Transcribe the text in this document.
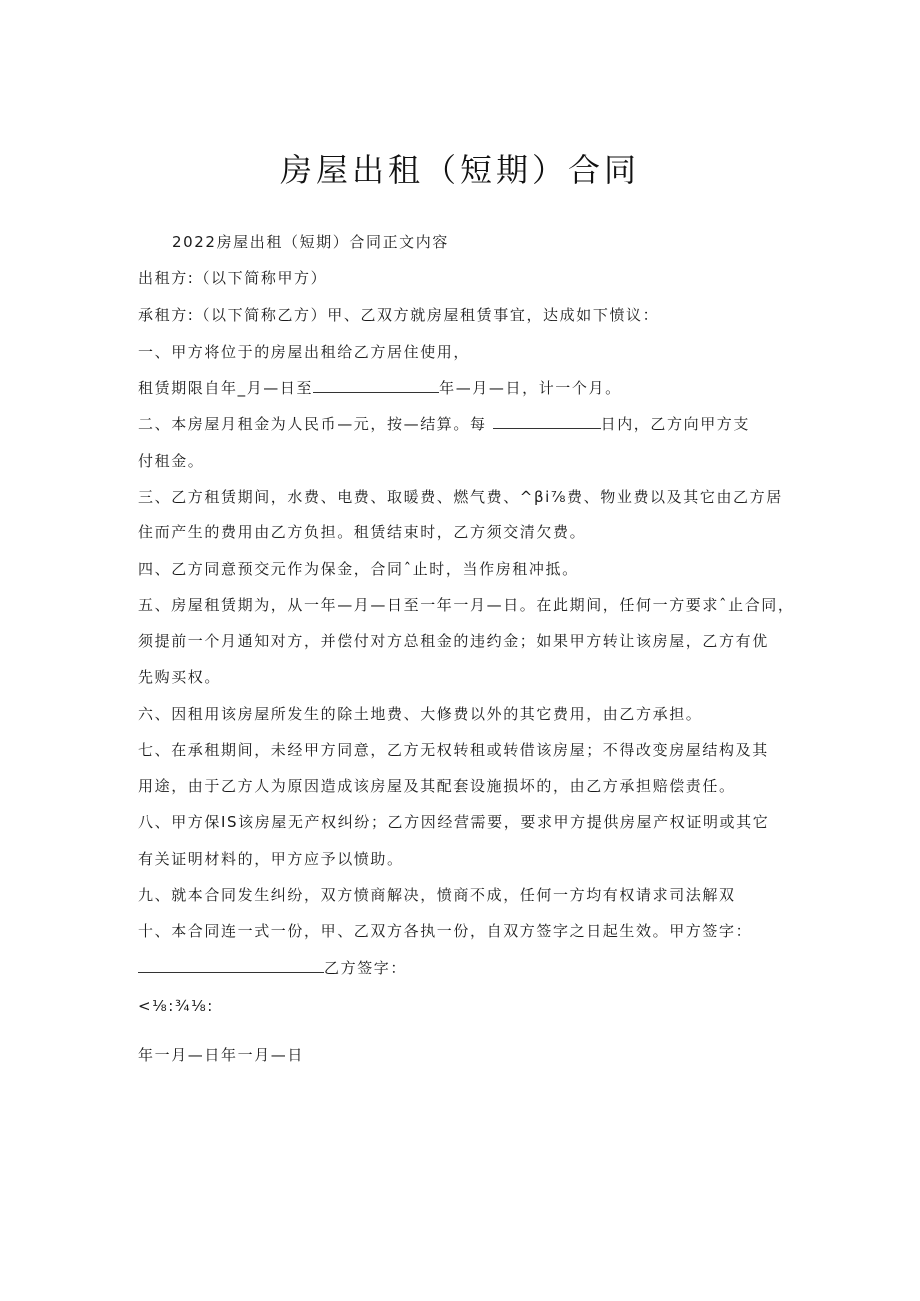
房屋出租（短期）合同
2022房屋出租（短期）合同正文内容
出租方:（以下简称甲方）
承租方:（以下简称乙方）甲、乙双方就房屋租赁事宜，达成如下愤议：
一、甲方将位于的房屋出租给乙方居住使用，
租赁期限自年_月—日至	年—月—日，计一个月。
二、本房屋月租金为人民币—元，按—结算。每	日内，乙方向甲方支
付租金。
三、乙方租赁期间，水费、电费、取暖费、燃气费、^βi⅞费、物业费以及其它由乙方居
住而产生的费用由乙方负担。租赁结束时，乙方须交清欠费。
四、乙方同意预交元作为保金，合同ˆ止时，当作房租冲抵。
五、房屋租赁期为，从一年—月—日至一年一月—日。在此期间，任何一方要求ˆ止合同，
须提前一个月通知对方，并偿付对方总租金的违约金；如果甲方转让该房屋，乙方有优
先购买权。
六、因租用该房屋所发生的除土地费、大修费以外的其它费用，由乙方承担。
七、在承租期间，未经甲方同意，乙方无权转租或转借该房屋；不得改变房屋结构及其
用途，由于乙方人为原因造成该房屋及其配套设施损坏的，由乙方承担赔偿责任。
八、甲方保IS该房屋无产权纠纷；乙方因经营需要，要求甲方提供房屋产权证明或其它
有关证明材料的，甲方应予以愤助。
九、就本合同发生纠纷，双方愤商解决，愤商不成，任何一方均有权请求司法解双
十、本合同连一式一份，甲、乙双方各执一份，自双方签字之日起生效。甲方签字：
乙方签字：
<⅛:¾⅛:
年一月—日年一月—日
